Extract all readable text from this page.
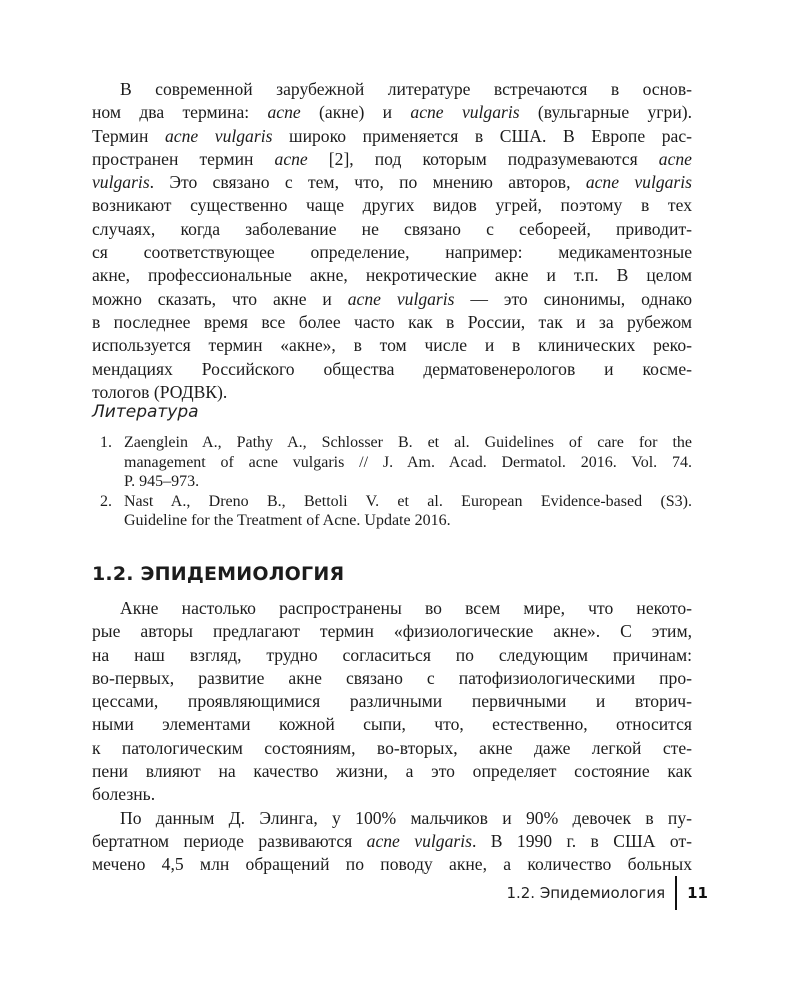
В современной зарубежной литературе встречаются в основ-
ном два термина: acne (акне) и acne vulgaris (вульгарные угри).
Термин acne vulgaris широко применяется в США. В Европе рас-
пространен термин acne [2], под которым подразумеваются acne
vulgaris. Это связано с тем, что, по мнению авторов, acne vulgaris
возникают существенно чаще других видов угрей, поэтому в тех
случаях, когда заболевание не связано с себореей, приводит-
ся соответствующее определение, например: медикаментозные
акне, профессиональные акне, некротические акне и т.п. В целом
можно сказать, что акне и acne vulgaris — это синонимы, однако
в последнее время все более часто как в России, так и за рубежом
используется термин «акне», в том числе и в клинических реко-
мендациях Российского общества дерматовенерологов и космe-
тологов (РОДВК).
Литература
1. Zaenglein A., Pathy A., Schlosser B. et al. Guidelines of care for the
management of acne vulgaris // J. Am. Acad. Dermatol. 2016. Vol. 74.
P. 945–973.
2. Nast A., Dreno B., Bettoli V. et al. European Evidence-based (S3).
Guideline for the Treatment of Acne. Update 2016.
1.2. ЭПИДЕМИОЛОГИЯ
Акне настолько распространены во всем мире, что некото-
рые авторы предлагают термин «физиологические акне». С этим,
на наш взгляд, трудно согласиться по следующим причинам:
во-первых, развитие акне связано с патофизиологическими про-
цессами, проявляющимися различными первичными и вторич-
ными элементами кожной сыпи, что, естественно, относится
к патологическим состояниям, во-вторых, акне даже легкой сте-
пени влияют на качество жизни, а это определяет состояние как
болезнь.
По данным Д. Элинга, у 100% мальчиков и 90% девочек в пу-
бертатном периоде развиваются acne vulgaris. В 1990 г. в США от-
мечено 4,5 млн обращений по поводу акне, а количество больных
1.2. Эпидемиология	11
